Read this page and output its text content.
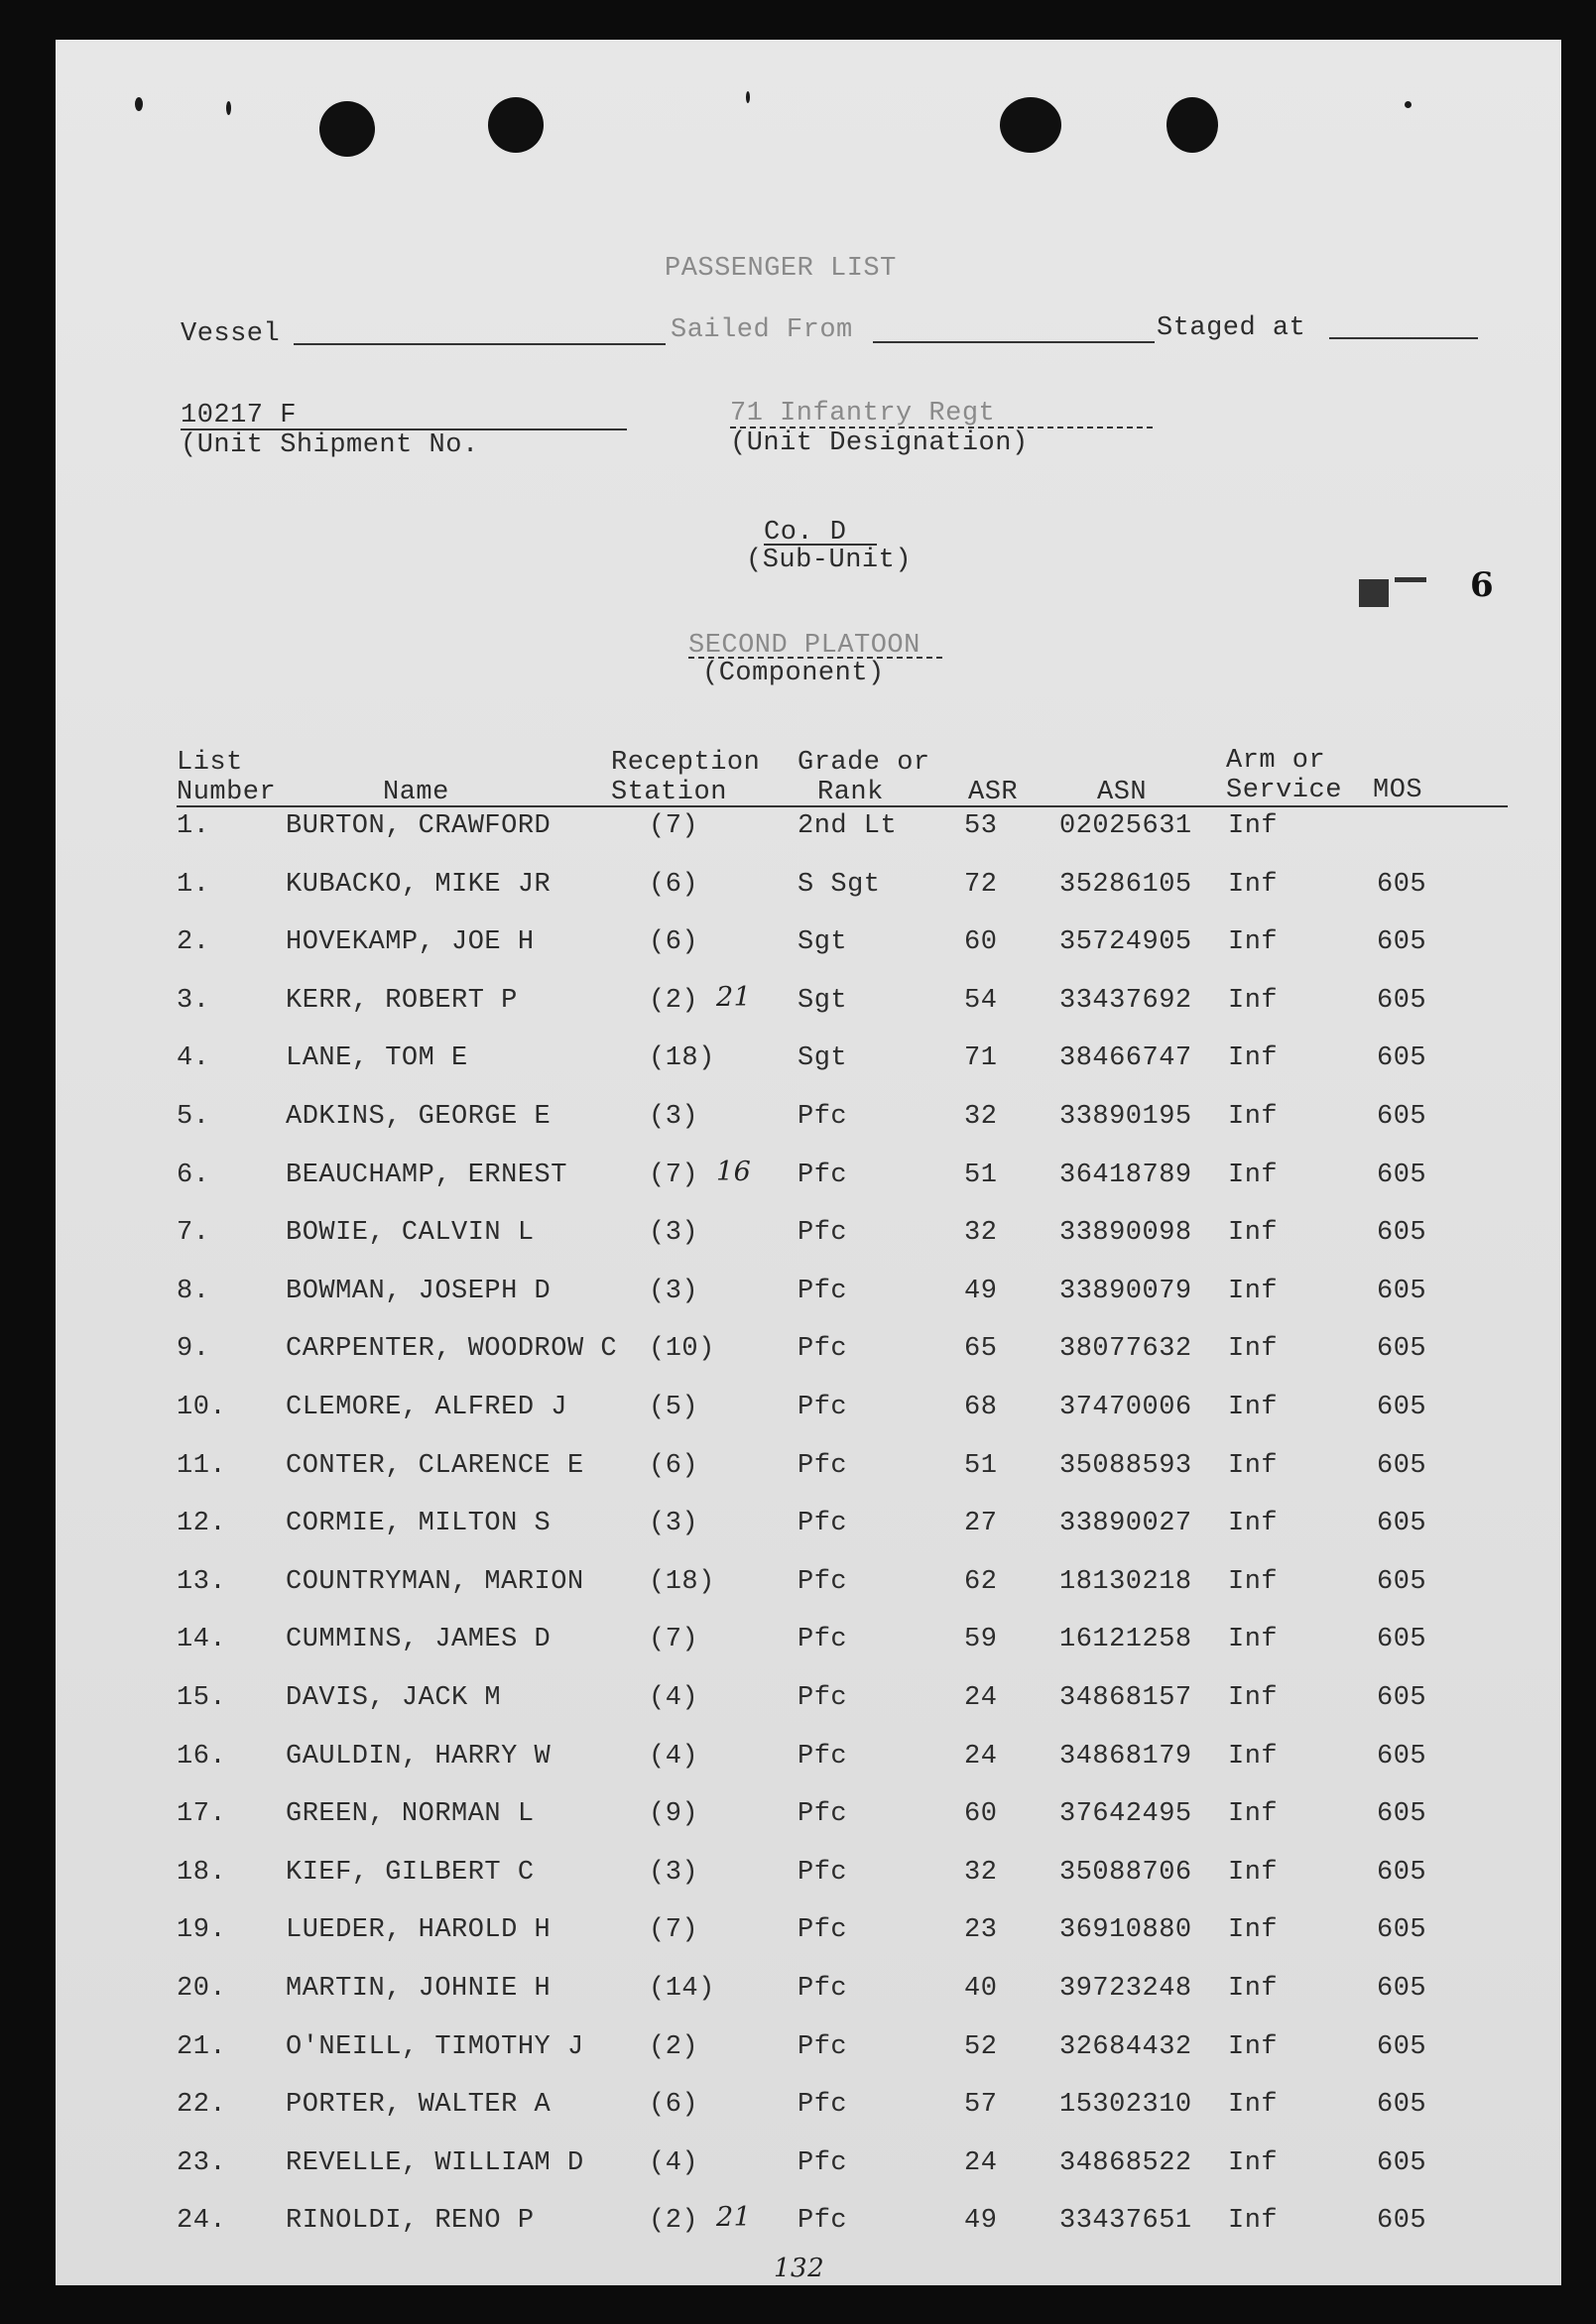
PASSENGER LIST
Vessel	Sailed From	Staged at
10217 F
(Unit Shipment No.
71 Infantry Regt
(Unit Designation)
Co. D
(Sub-Unit)
6
SECOND PLATOON
(Component)
List
Number	Name
Reception
Station
Grade or
Rank	ASR	ASN
Arm or
Service MOS
1.	BURTON, CRAWFORD	(7)	2nd Lt	53 02025631 Inf
1.	KUBACKO, MIKE JR	(6)	S Sgt	72 35286105 Inf	605
2.	HOVEKAMP, JOE H	(6)	Sgt	60 35724905 Inf	605
3.	KERR, ROBERT P	(2)	Sgt	54 33437692 Inf	605
21
4.	LANE, TOM E	(18)	Sgt	71 38466747 Inf	605
5.	ADKINS, GEORGE E	(3)	Pfc	32 33890195 Inf	605
6.	BEAUCHAMP, ERNEST	(7)	Pfc	51 36418789 Inf	605
16
7.	BOWIE, CALVIN L	(3)	Pfc	32 33890098 Inf	605
8.	BOWMAN, JOSEPH D	(3)	Pfc	49 33890079 Inf	605
9.	CARPENTER, WOODROW C (10)	Pfc	65 38077632 Inf	605
10. CLEMORE, ALFRED J	(5)	Pfc	68 37470006 Inf	605
11. CONTER, CLARENCE E (6)	Pfc	51 35088593 Inf	605
12. CORMIE, MILTON S	(3)	Pfc	27 33890027 Inf	605
13. COUNTRYMAN, MARION (18)	Pfc	62 18130218 Inf	605
14. CUMMINS, JAMES D	(7)	Pfc	59 16121258 Inf	605
15. DAVIS, JACK M	(4)	Pfc	24 34868157 Inf	605
16. GAULDIN, HARRY W	(4)	Pfc	24 34868179 Inf	605
17. GREEN, NORMAN L	(9)	Pfc	60 37642495 Inf	605
18. KIEF, GILBERT C	(3)	Pfc	32 35088706 Inf	605
19. LUEDER, HAROLD H	(7)	Pfc	23 36910880 Inf	605
20. MARTIN, JOHNIE H	(14)	Pfc	40 39723248 Inf	605
21. O'NEILL, TIMOTHY J (2)	Pfc	52 32684432 Inf	605
22. PORTER, WALTER A	(6)	Pfc	57 15302310 Inf	605
23. REVELLE, WILLIAM D (4)	Pfc	24 34868522 Inf	605
24. RINOLDI, RENO P	(2)	Pfc	49 33437651 Inf	605
21
132
